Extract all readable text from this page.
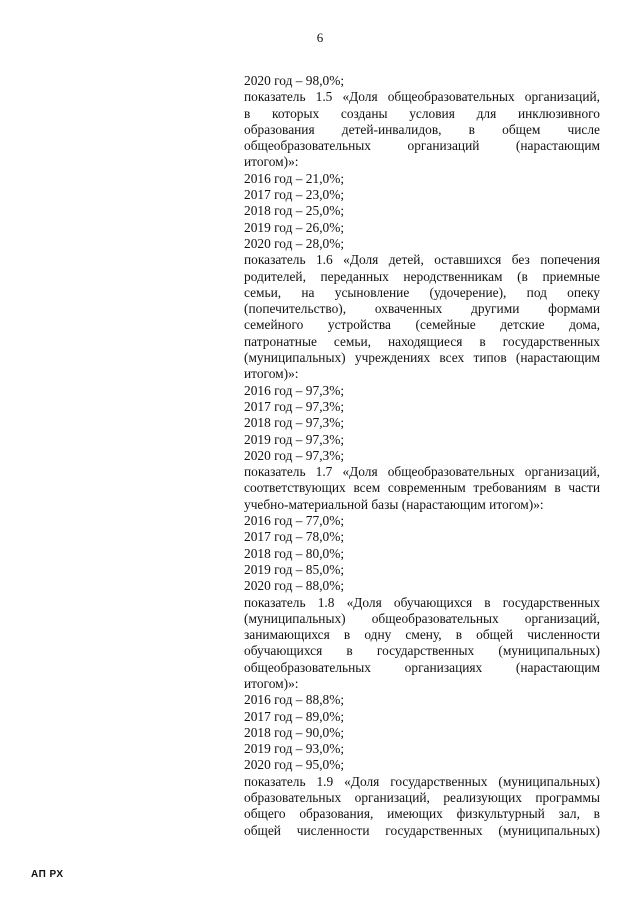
6
2020 год – 98,0%;
показатель 1.5 «Доля общеобразовательных организаций,
в которых созданы условия для инклюзивного
образования детей-инвалидов, в общем числе
общеобразовательных организаций (нарастающим
итогом)»:
2016 год – 21,0%;
2017 год – 23,0%;
2018 год – 25,0%;
2019 год – 26,0%;
2020 год – 28,0%;
показатель 1.6 «Доля детей, оставшихся без попечения
родителей, переданных неродственникам (в приемные
семьи, на усыновление (удочерение), под опеку
(попечительство), охваченных другими формами
семейного устройства (семейные детские дома,
патронатные семьи, находящиеся в государственных
(муниципальных) учреждениях всех типов (нарастающим
итогом)»:
2016 год – 97,3%;
2017 год – 97,3%;
2018 год – 97,3%;
2019 год – 97,3%;
2020 год – 97,3%;
показатель 1.7 «Доля общеобразовательных организаций,
соответствующих всем современным требованиям в части
учебно-материальной базы (нарастающим итогом)»:
2016 год – 77,0%;
2017 год – 78,0%;
2018 год – 80,0%;
2019 год – 85,0%;
2020 год – 88,0%;
показатель 1.8 «Доля обучающихся в государственных
(муниципальных) общеобразовательных организаций,
занимающихся в одну смену, в общей численности
обучающихся в государственных (муниципальных)
общеобразовательных организациях (нарастающим
итогом)»:
2016 год – 88,8%;
2017 год – 89,0%;
2018 год – 90,0%;
2019 год – 93,0%;
2020 год – 95,0%;
показатель 1.9 «Доля государственных (муниципальных)
образовательных организаций, реализующих программы
общего образования, имеющих физкультурный зал, в
общей численности государственных (муниципальных)
АП РХ
